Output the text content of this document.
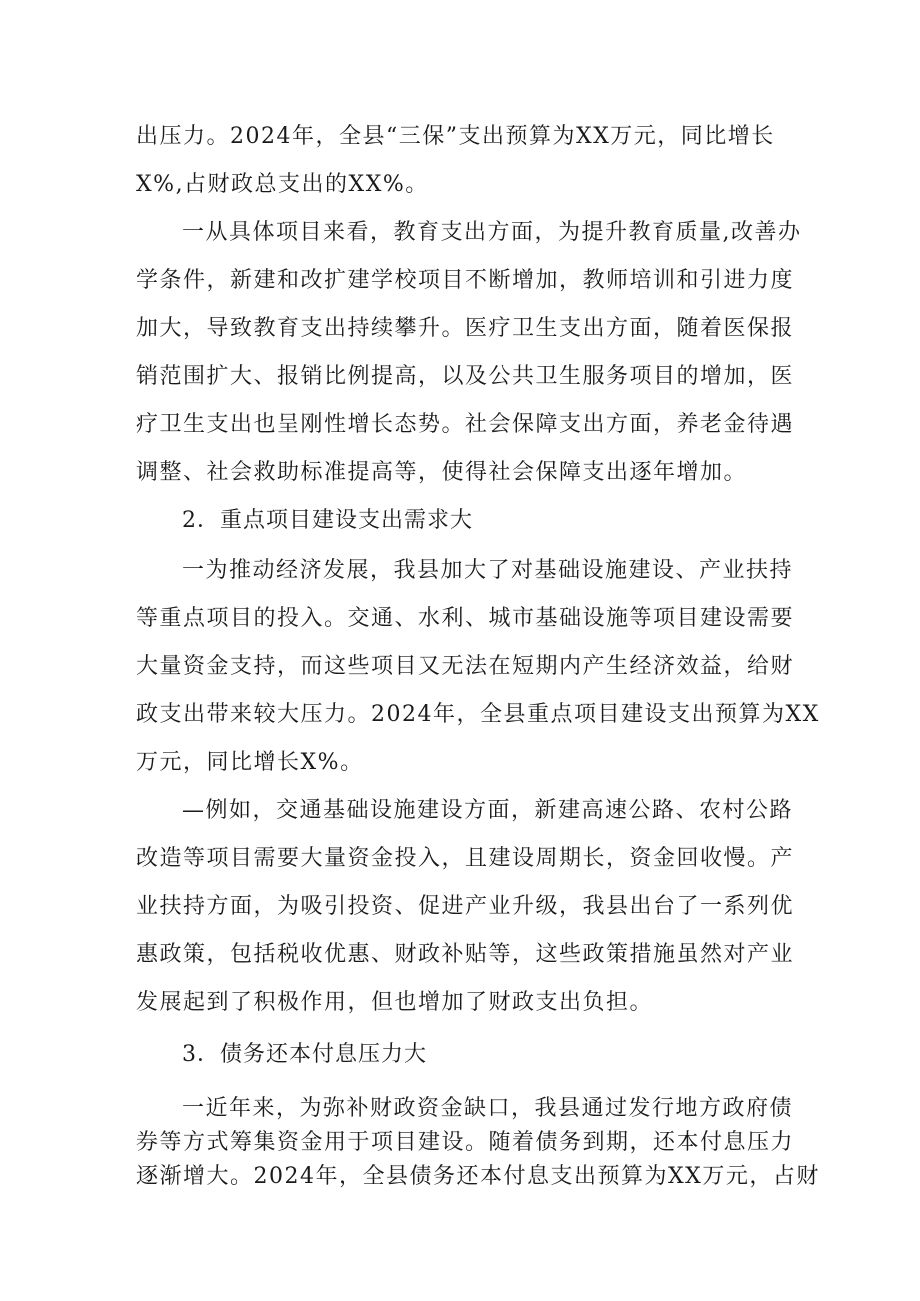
出压力。2024年，全县“三保”支出预算为XX万元，同比增长
X%,占财政总支出的XX%。
一从具体项目来看，教育支出方面，为提升教育质量,改善办
学条件，新建和改扩建学校项目不断增加，教师培训和引进力度
加大，导致教育支出持续攀升。医疗卫生支出方面，随着医保报
销范围扩大、报销比例提高，以及公共卫生服务项目的增加，医
疗卫生支出也呈刚性增长态势。社会保障支出方面，养老金待遇
调整、社会救助标准提高等，使得社会保障支出逐年增加。
2．重点项目建设支出需求大
一为推动经济发展，我县加大了对基础设施建设、产业扶持
等重点项目的投入。交通、水利、城市基础设施等项目建设需要
大量资金支持，而这些项目又无法在短期内产生经济效益，给财
政支出带来较大压力。2024年，全县重点项目建设支出预算为XX
万元，同比增长X%。
—例如，交通基础设施建设方面，新建高速公路、农村公路
改造等项目需要大量资金投入，且建设周期长，资金回收慢。产
业扶持方面，为吸引投资、促进产业升级，我县出台了一系列优
惠政策，包括税收优惠、财政补贴等，这些政策措施虽然对产业
发展起到了积极作用，但也增加了财政支出负担。
3．债务还本付息压力大
一近年来，为弥补财政资金缺口，我县通过发行地方政府债
券等方式筹集资金用于项目建设。随着债务到期，还本付息压力
逐渐增大。2024年，全县债务还本付息支出预算为XX万元，占财
